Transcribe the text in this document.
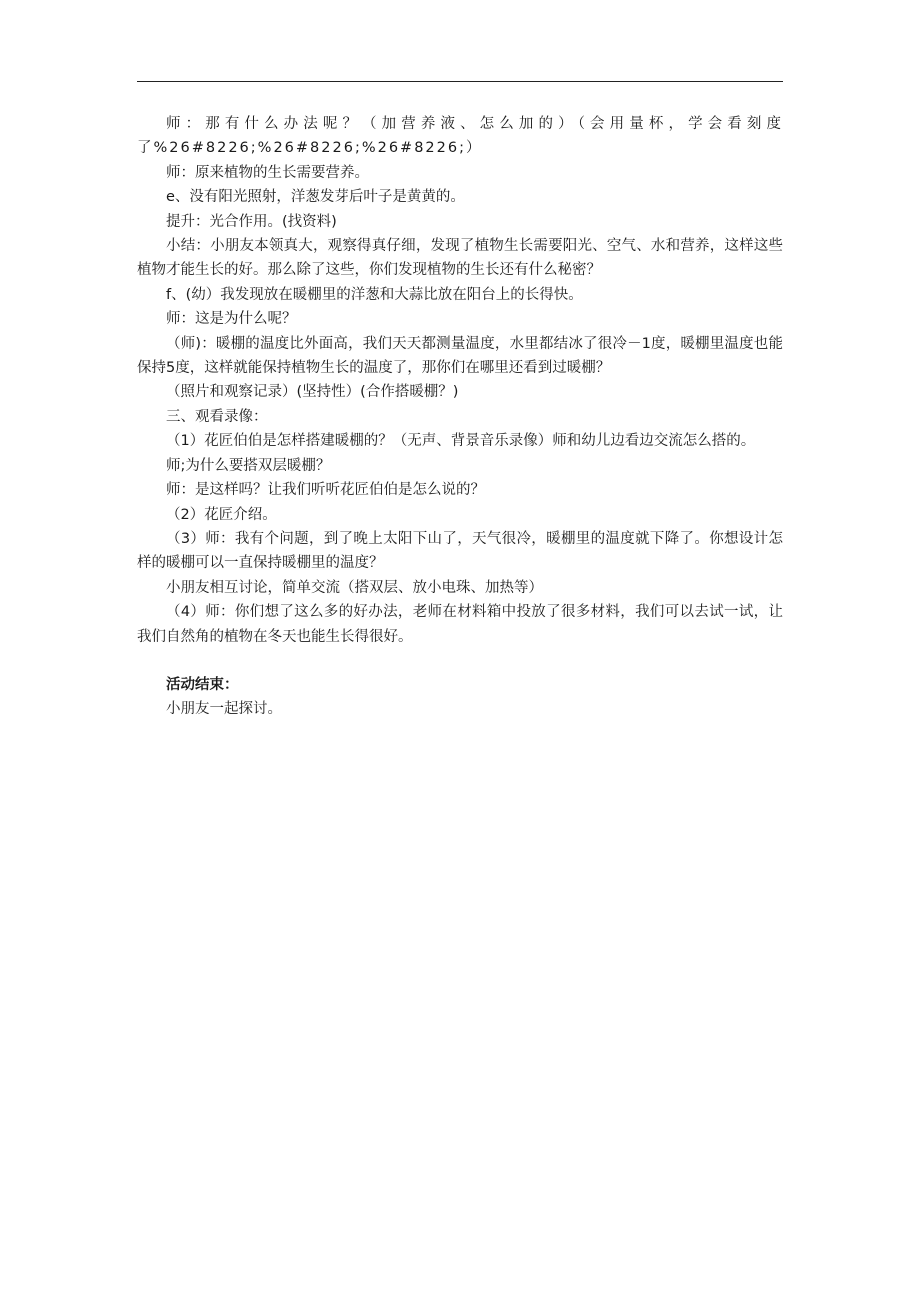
师：那有什么办法呢？（加营养液、怎么加的）（会用量杯，学会看刻度了%26#8226;%26#8226;%26#8226;）

师：原来植物的生长需要营养。

e、没有阳光照射，洋葱发芽后叶子是黄黄的。

提升：光合作用。(找资料)

小结：小朋友本领真大，观察得真仔细，发现了植物生长需要阳光、空气、水和营养，这样这些植物才能生长的好。那么除了这些，你们发现植物的生长还有什么秘密？

f、(幼）我发现放在暖棚里的洋葱和大蒜比放在阳台上的长得快。

师：这是为什么呢？

（师)：暖棚的温度比外面高，我们天天都测量温度，水里都结冰了很冷－1度，暖棚里温度也能保持5度，这样就能保持植物生长的温度了，那你们在哪里还看到过暖棚？

（照片和观察记录）(坚持性）(合作搭暖棚？)

三、观看录像：

（1）花匠伯伯是怎样搭建暖棚的？（无声、背景音乐录像）师和幼儿边看边交流怎么搭的。

师;为什么要搭双层暖棚？

师：是这样吗？让我们听听花匠伯伯是怎么说的？

（2）花匠介绍。

（3）师：我有个问题，到了晚上太阳下山了，天气很冷，暖棚里的温度就下降了。你想设计怎样的暖棚可以一直保持暖棚里的温度？

小朋友相互讨论，简单交流（搭双层、放小电珠、加热等）

（4）师：你们想了这么多的好办法，老师在材料箱中投放了很多材料，我们可以去试一试，让我们自然角的植物在冬天也能生长得很好。

活动结束：

小朋友一起探讨。
